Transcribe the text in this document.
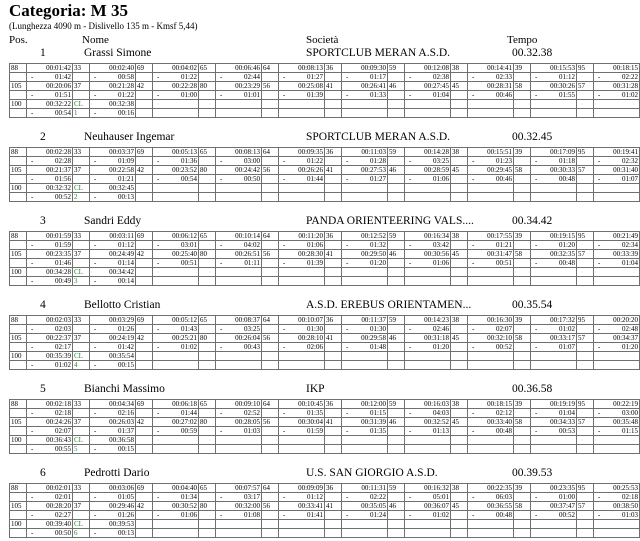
Categoria: M 35
(Lunghezza 4090 m - Dislivello 135 m - Kmsf 5,44)
Pos.	Nome	Società	Tempo
1	Grassi Simone	SPORTCLUB MERAN A.S.D.	00.32.38
88	00:01:42	33	00:02:40	69	00:04:02	65	00:06:46	64	00:08:13	36	00:09:30	59	00:12:08	38	00:14:41	39	00:15:53	95	00:18:15

	- 01:42		- 00:58		- 01:22		- 02:44		- 01:27		- 01:17		- 02:38		- 02:33		- 01:12		- 02:22
105	00:20:06	37	00:21:28	42	00:22:28	80	00:23:29	56	00:25:08	41	00:26:41	46	00:27:45	45	00:28:31	58	00:30:26	57	00:31:28

	- 01:51		- 01:22		- 01:00		- 01:01		- 01:39		- 01:33		- 01:04		- 00:46		- 01:55		- 01:02
100	00:32:22	CL	00:32:38																

	- 00:54	1	- 00:16																
2	Neuhauser Ingemar	SPORTCLUB MERAN A.S.D.	00.32.45
88	00:02:28	33	00:03:37	69	00:05:13	65	00:08:13	64	00:09:35	36	00:11:03	59	00:14:28	38	00:15:51	39	00:17:09	95	00:19:41

	- 02:28		- 01:09		- 01:36		- 03:00		- 01:22		- 01:28		- 03:25		- 01:23		- 01:18		- 02:32
105	00:21:37	37	00:22:58	42	00:23:52	80	00:24:42	56	00:26:26	41	00:27:53	46	00:28:59	45	00:29:45	58	00:30:33	57	00:31:40

	- 01:56		- 01:21		- 00:54		- 00:50		- 01:44		- 01:27		- 01:06		- 00:46		- 00:48		- 01:07
100	00:32:32	CL	00:32:45																

	- 00:52	2	- 00:13																
3	Sandri Eddy	PANDA ORIENTEERING VALS....	00.34.42
88	00:01:59	33	00:03:11	69	00:06:12	65	00:10:14	64	00:11:20	36	00:12:52	59	00:16:34	38	00:17:55	39	00:19:15	95	00:21:49

	- 01:59		- 01:12		- 03:01		- 04:02		- 01:06		- 01:32		- 03:42		- 01:21		- 01:20		- 02:34
105	00:23:35	37	00:24:49	42	00:25:40	80	00:26:51	56	00:28:30	41	00:29:50	46	00:30:56	45	00:31:47	58	00:32:35	57	00:33:39

	- 01:46		- 01:14		- 00:51		- 01:11		- 01:39		- 01:20		- 01:06		- 00:51		- 00:48		- 01:04
100	00:34:28	CL	00:34:42																

	- 00:49	3	- 00:14																
4	Bellotto Cristian	A.S.D. EREBUS ORIENTAMEN...	00.35.54
88	00:02:03	33	00:03:29	69	00:05:12	65	00:08:37	64	00:10:07	36	00:11:37	59	00:14:23	38	00:16:30	39	00:17:32	95	00:20:20

	- 02:03		- 01:26		- 01:43		- 03:25		- 01:30		- 01:30		- 02:46		- 02:07		- 01:02		- 02:48
105	00:22:37	37	00:24:19	42	00:25:21	80	00:26:04	56	00:28:10	41	00:29:58	46	00:31:18	45	00:32:10	58	00:33:17	57	00:34:37

	- 02:17		- 01:42		- 01:02		- 00:43		- 02:06		- 01:48		- 01:20		- 00:52		- 01:07		- 01:20
100	00:35:39	CL	00:35:54																

	- 01:02	4	- 00:15																
5	Bianchi Massimo	IKP	00.36.58
88	00:02:18	33	00:04:34	69	00:06:18	65	00:09:10	64	00:10:45	36	00:12:00	59	00:16:03	38	00:18:15	39	00:19:19	95	00:22:19

	- 02:18		- 02:16		- 01:44		- 02:52		- 01:35		- 01:15		- 04:03		- 02:12		- 01:04		- 03:00
105	00:24:26	37	00:26:03	42	00:27:02	80	00:28:05	56	00:30:04	41	00:31:39	46	00:32:52	45	00:33:40	58	00:34:33	57	00:35:48

	- 02:07		- 01:37		- 00:59		- 01:03		- 01:59		- 01:35		- 01:13		- 00:48		- 00:53		- 01:15
100	00:36:43	CL	00:36:58																

	- 00:55	5	- 00:15																
6	Pedrotti Dario	U.S. SAN GIORGIO A.S.D.	00.39.53
88	00:02:01	33	00:03:06	69	00:04:40	65	00:07:57	64	00:09:09	36	00:11:31	59	00:16:32	38	00:22:35	39	00:23:35	95	00:25:53

	- 02:01		- 01:05		- 01:34		- 03:17		- 01:12		- 02:22		- 05:01		- 06:03		- 01:00		- 02:18
105	00:28:20	37	00:29:46	42	00:30:52	80	00:32:00	56	00:33:41	41	00:35:05	46	00:36:07	45	00:36:55	58	00:37:47	57	00:38:50

	- 02:27		- 01:26		- 01:06		- 01:08		- 01:41		- 01:24		- 01:02		- 00:48		- 00:52		- 01:03
100	00:39:40	CL	00:39:53																

	- 00:50	6	- 00:13																
